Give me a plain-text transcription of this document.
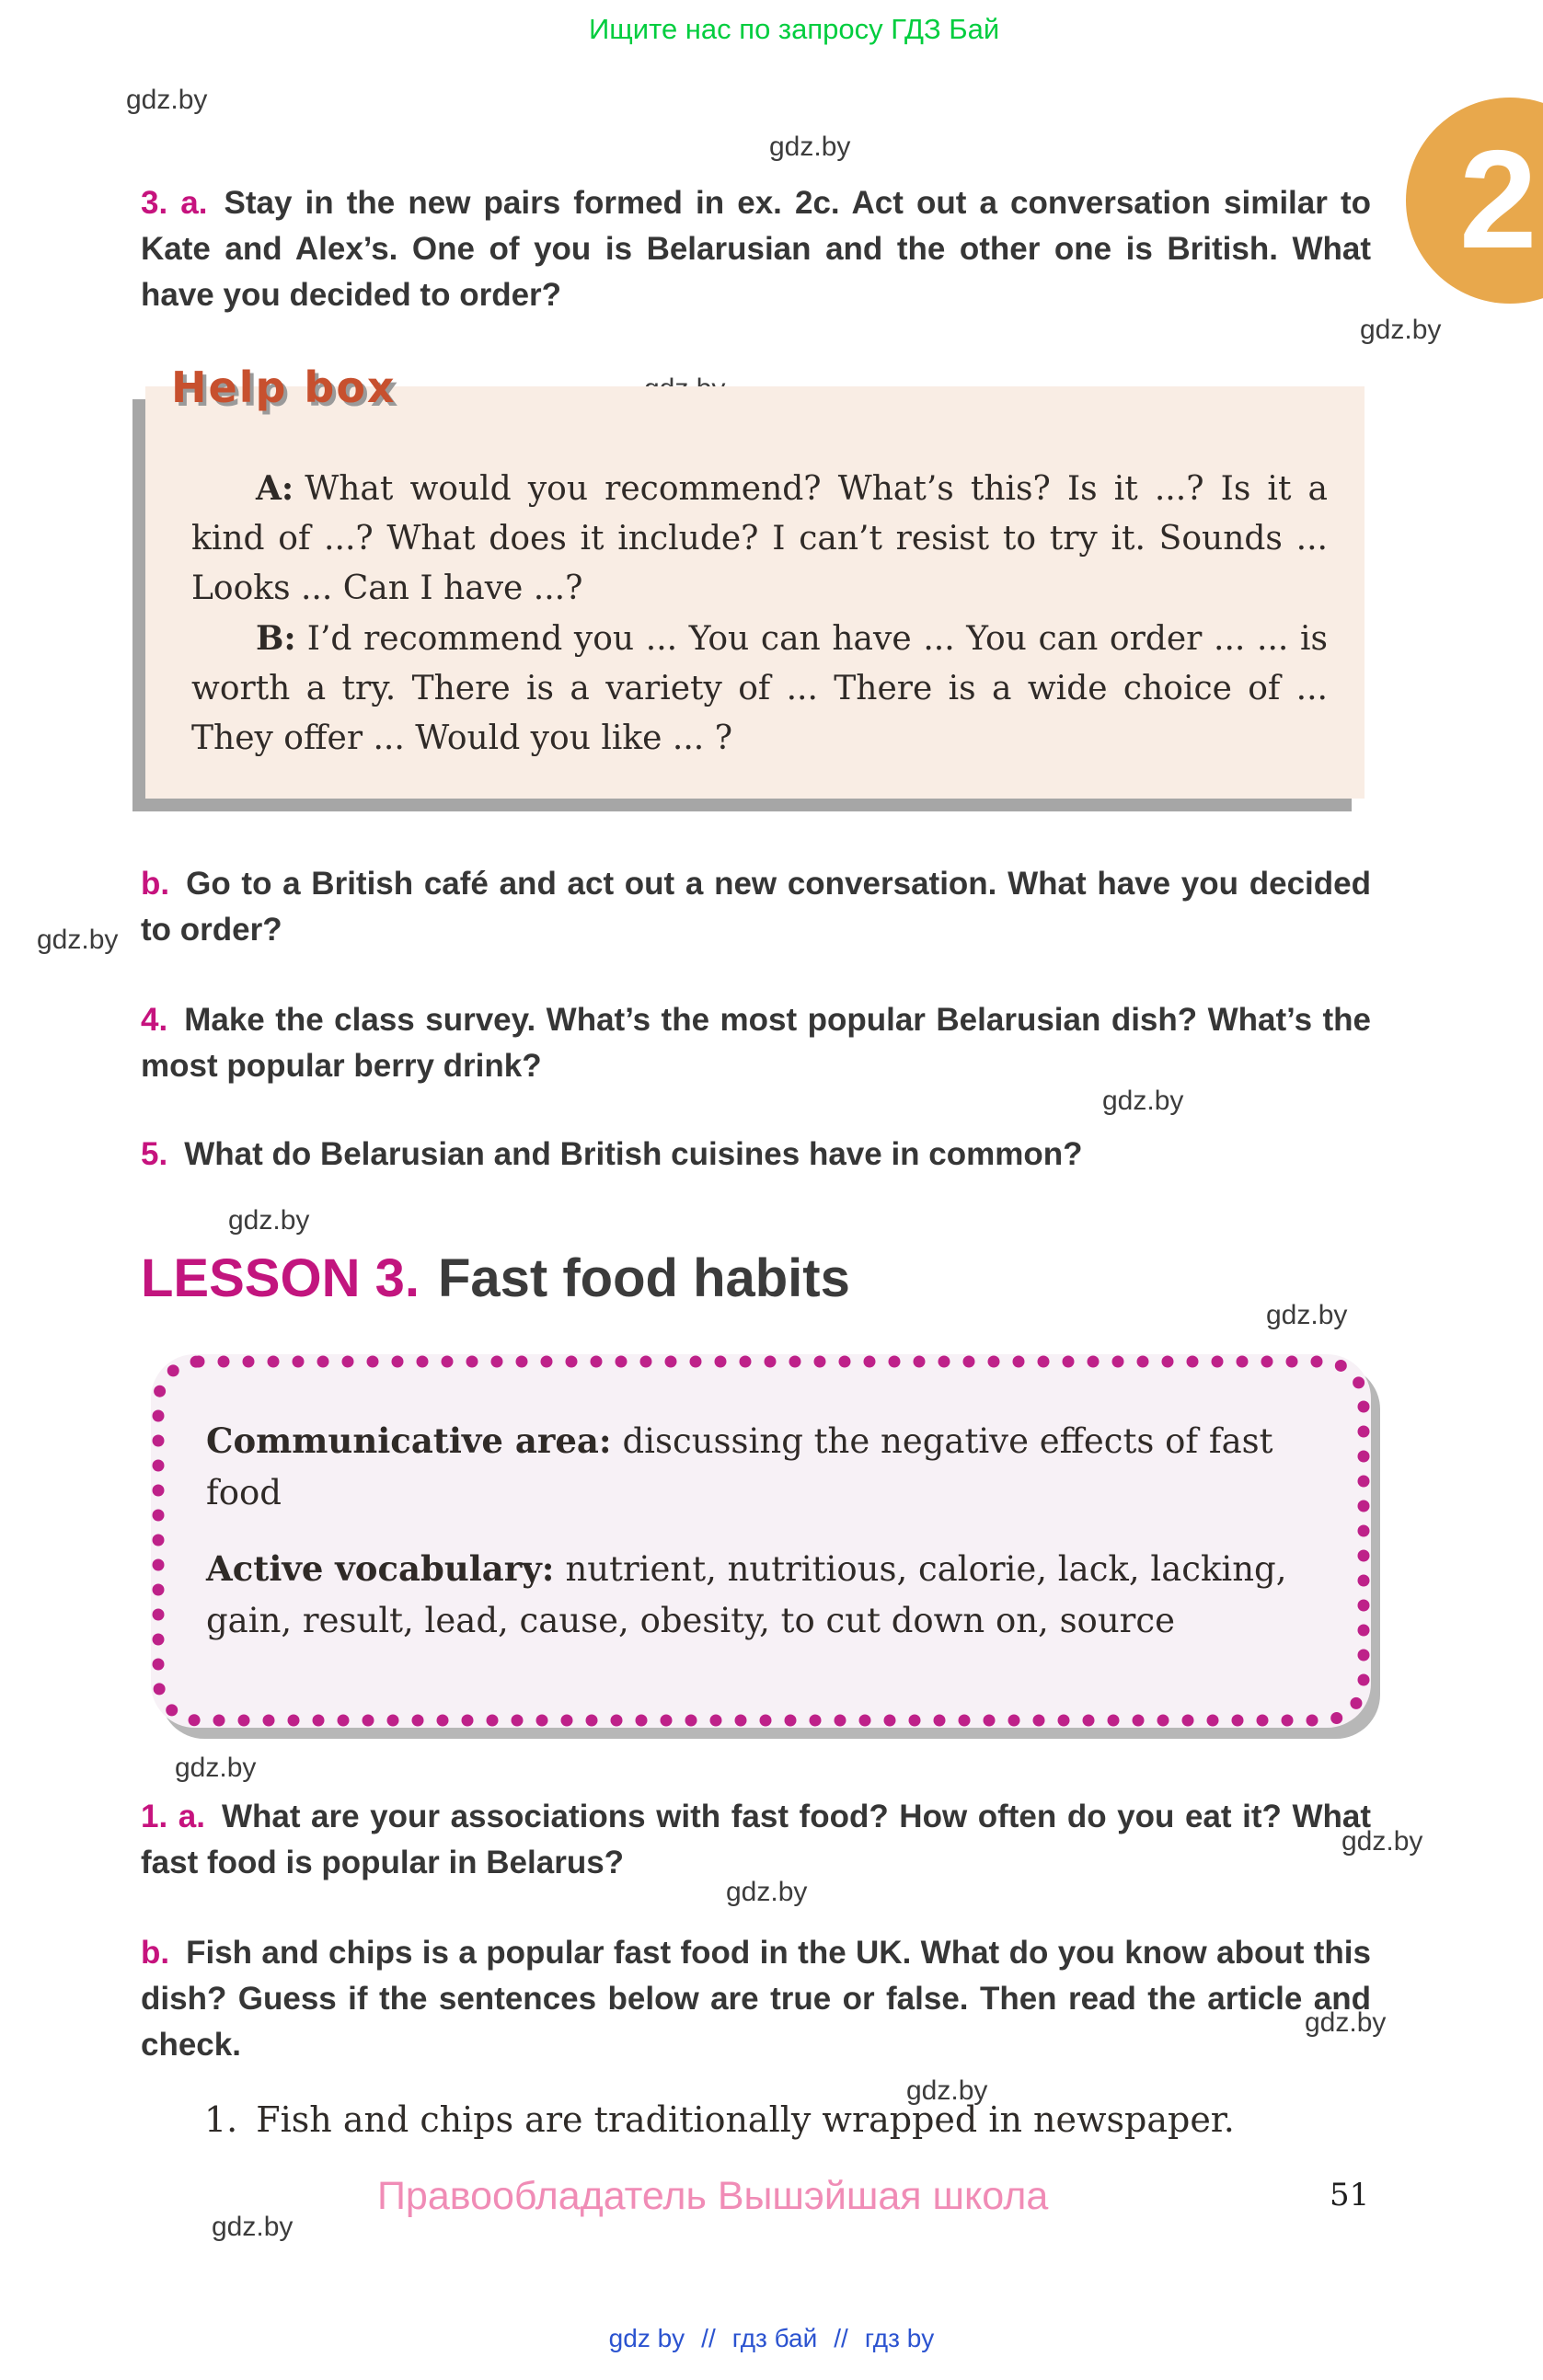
Ищите нас по запросу ГДЗ Бай
gdz.by
gdz.by
gdz.by
gdz.by
gdz.by
gdz.by
gdz.by
gdz.by
gdz.by
gdz.by
gdz.by
gdz.by
gdz.by
2

3. a. Stay in the new pairs formed in ex. 2c. Act out a conversation similar to Kate and Alex’s. One of you is Belarusian and the other one is British. What have you decided to order?

Help box

A: What would you recommend? What’s this? Is it ...? Is it a kind of ...? What does it include? I can’t resist to try it. Sounds ... Looks ... Can I have ...?

B: I’d recommend you ... You can have ... You can order ... ... is worth a try. There is a variety of ... There is a wide choice of ... They offer ... Would you like ... ?

b. Go to a British café and act out a new conversation. What have you decided to order?

4. Make the class survey. What’s the most popular Belarusian dish? What’s the most popular berry drink?

5. What do Belarusian and British cuisines have in common?

LESSON 3. Fast food habits

Communicative area: discussing the negative effects of fast food

Active vocabulary: nutrient, nutritious, calorie, lack, lacking, gain, result, lead, cause, obesity, to cut down on, source

1. a. What are your associations with fast food? How often do you eat it? What fast food is popular in Belarus?

b. Fish and chips is a popular fast food in the UK. What do you know about this dish? Guess if the sentences below are true or false. Then read the article and check.

1. Fish and chips are traditionally wrapped in newspaper.

Правообладатель Вышэйшая школа	51
gdz by // гдз бай // гдз by
